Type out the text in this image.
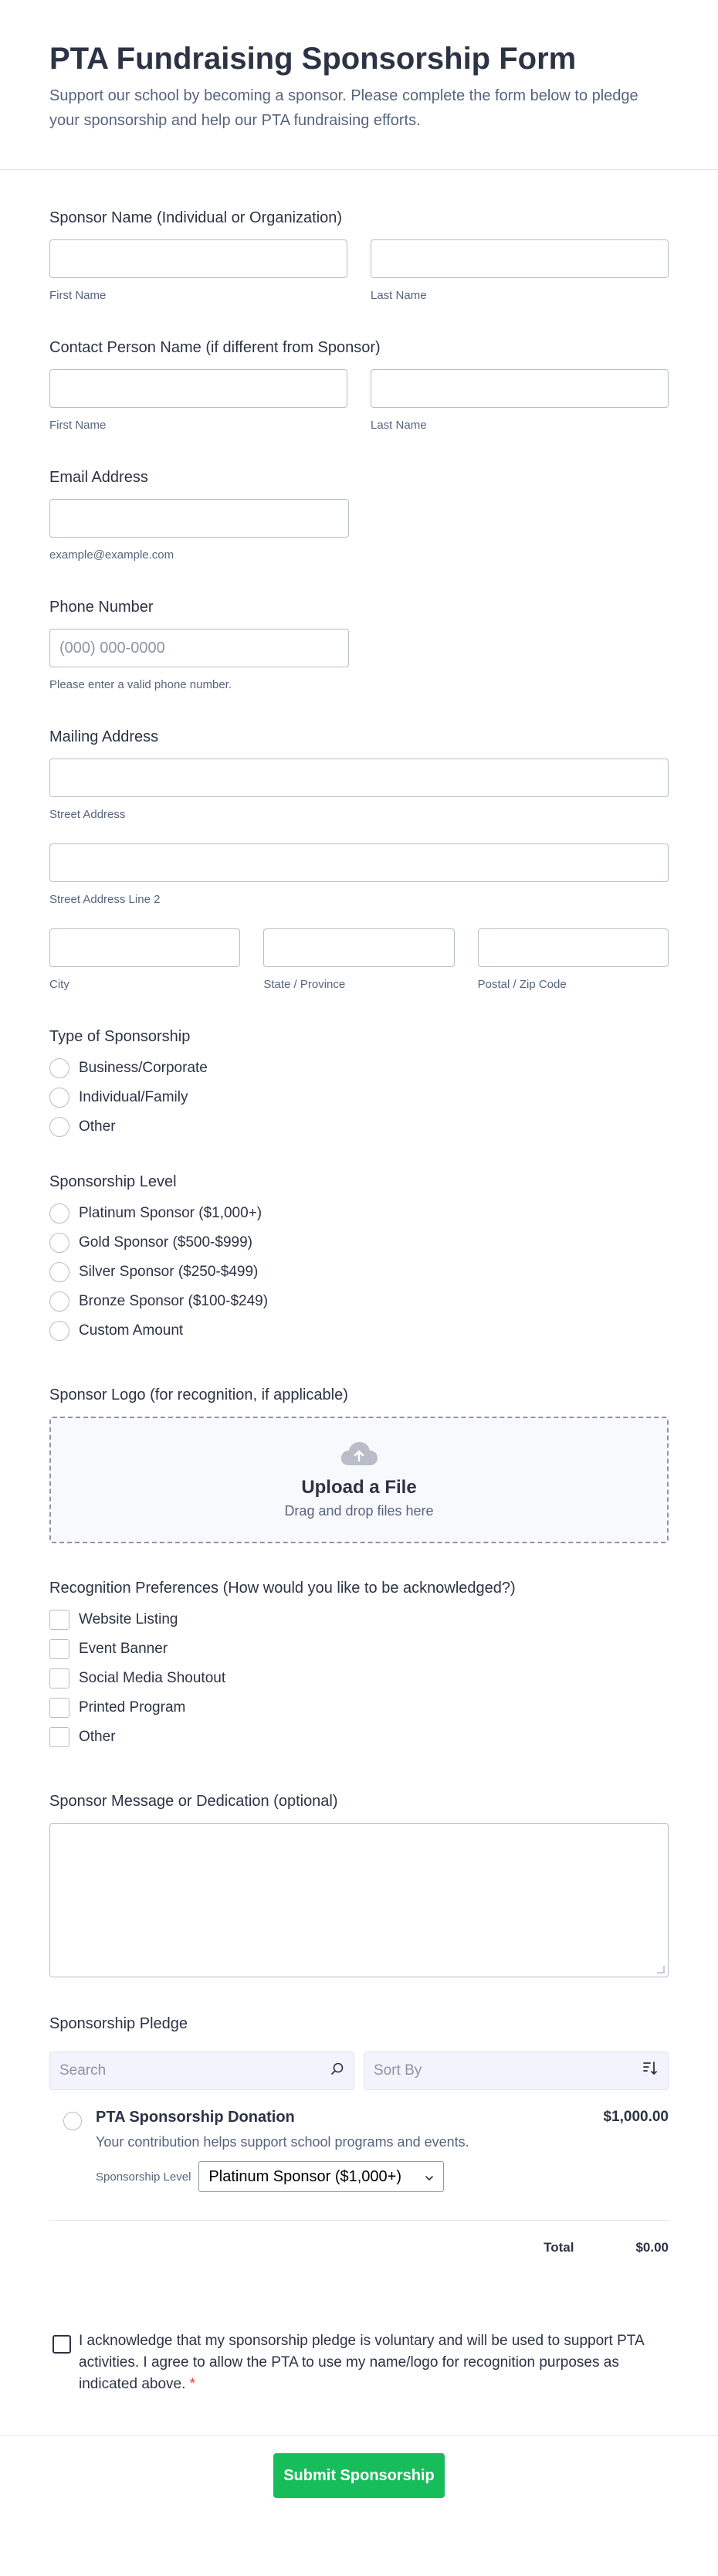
PTA Fundraising Sponsorship Form

Support our school by becoming a sponsor. Please complete the form below to pledge your sponsorship and help our PTA fundraising efforts.

Sponsor Name (Individual or Organization)
First Name	Last Name
Contact Person Name (if different from Sponsor)
First Name	Last Name
Email Address
example@example.com
Phone Number
(000) 000-0000
Please enter a valid phone number.
Mailing Address
Street Address
Street Address Line 2
City	State / Province	Postal / Zip Code
Type of Sponsorship
Business/Corporate
Individual/Family
Other
Sponsorship Level
Platinum Sponsor ($1,000+)
Gold Sponsor ($500-$999)
Silver Sponsor ($250-$499)
Bronze Sponsor ($100-$249)
Custom Amount
Sponsor Logo (for recognition, if applicable)
Upload a File
Drag and drop files here
Recognition Preferences (How would you like to be acknowledged?)
Website Listing
Event Banner
Social Media Shoutout
Printed Program
Other
Sponsor Message or Dedication (optional)
Sponsorship Pledge
Search	Sort By
PTA Sponsorship Donation
Your contribution helps support school programs and events.
Sponsorship Level Platinum Sponsor ($1,000+)
$1,000.00
Total	$0.00
I acknowledge that my sponsorship pledge is voluntary and will be used to support PTA activities. I agree to allow the PTA to use my name/logo for recognition purposes as indicated above. *
Submit Sponsorship
